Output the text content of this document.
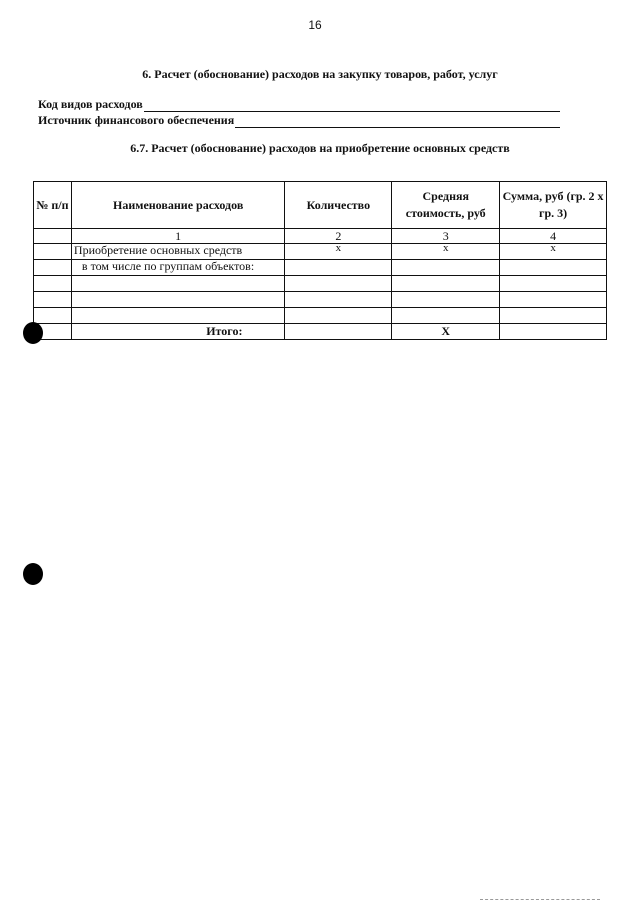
16
6. Расчет (обоснование) расходов на закупку товаров, работ, услуг
Код видов расходов
Источник финансового обеспечения
6.7. Расчет (обоснование) расходов на приобретение основных средств
№ п/п	Наименование расходов	Количество	Средняя стоимость, руб	Сумма, руб (гр. 2 х гр. 3)
	1	2	3	4
	Приобретение основных средств	х	х	х
	в том числе по группам объектов:			

	Итого:		Х	
